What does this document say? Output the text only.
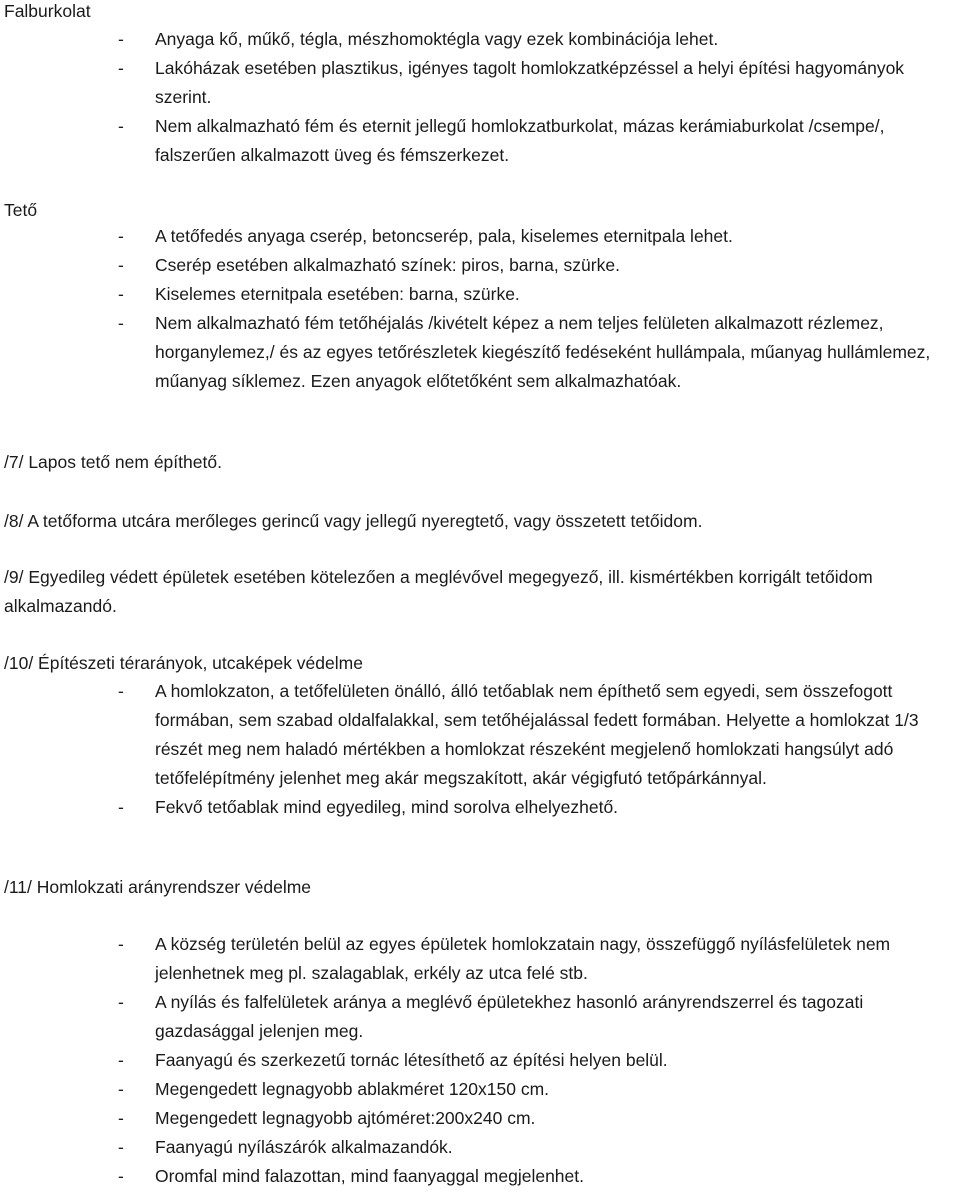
Falburkolat
- Anyaga kő, műkő, tégla, mészhomoktégla vagy ezek kombinációja lehet.
- Lakóházak esetében plasztikus, igényes tagolt homlokzatképzéssel a helyi építési hagyományok szerint.
- Nem alkalmazható fém és eternit jellegű homlokzatburkolat, mázas kerámiaburkolat /csempe/, falszerűen alkalmazott üveg és fémszerkezet.
Tető
- A tetőfedés anyaga cserép, betoncserép, pala, kiselemes eternitpala lehet.
- Cserép esetében alkalmazható színek: piros, barna, szürke.
- Kiselemes eternitpala esetében: barna, szürke.
- Nem alkalmazható fém tetőhéjalás /kivételt képez a nem teljes felületen alkalmazott rézlemez, horganylemez,/ és az egyes tetőrészletek kiegészítő fedéseként hullámpala, műanyag hullámlemez, műanyag síklemez. Ezen anyagok előtetőként sem alkalmazhatóak.
/7/ Lapos tető nem építhető.
/8/ A tetőforma utcára merőleges gerincű vagy jellegű nyeregtető, vagy összetett tetőidom.
/9/ Egyedileg védett épületek esetében kötelezően a meglévővel megegyező, ill. kismértékben korrigált tetőidom alkalmazandó.
/10/ Építészeti térarányok, utcaképek védelme
- A homlokzaton, a tetőfelületen önálló, álló tetőablak nem építhető sem egyedi, sem összefogott formában, sem szabad oldalfalakkal, sem tetőhéjalással fedett formában. Helyette a homlokzat 1/3 részét meg nem haladó mértékben a homlokzat részeként megjelenő homlokzati hangsúlyt adó tetőfelépítmény jelenhet meg akár megszakított, akár végigfutó tetőpárkánnyal.
- Fekvő tetőablak mind egyedileg, mind sorolva elhelyezhető.
/11/ Homlokzati arányrendszer védelme
- A község területén belül az egyes épületek homlokzatain nagy, összefüggő nyílásfelületek nem jelenhetnek meg pl. szalagablak, erkély az utca felé stb.
- A nyílás és falfelületek aránya a meglévő épületekhez hasonló arányrendszerrel és tagozati gazdasággal jelenjen meg.
- Faanyagú és szerkezetű tornác létesíthető az építési helyen belül.
- Megengedett legnagyobb ablakméret 120x150 cm.
- Megengedett legnagyobb ajtóméret:200x240 cm.
- Faanyagú nyílászárók alkalmazandók.
- Oromfal mind falazottan, mind faanyaggal megjelenhet.
